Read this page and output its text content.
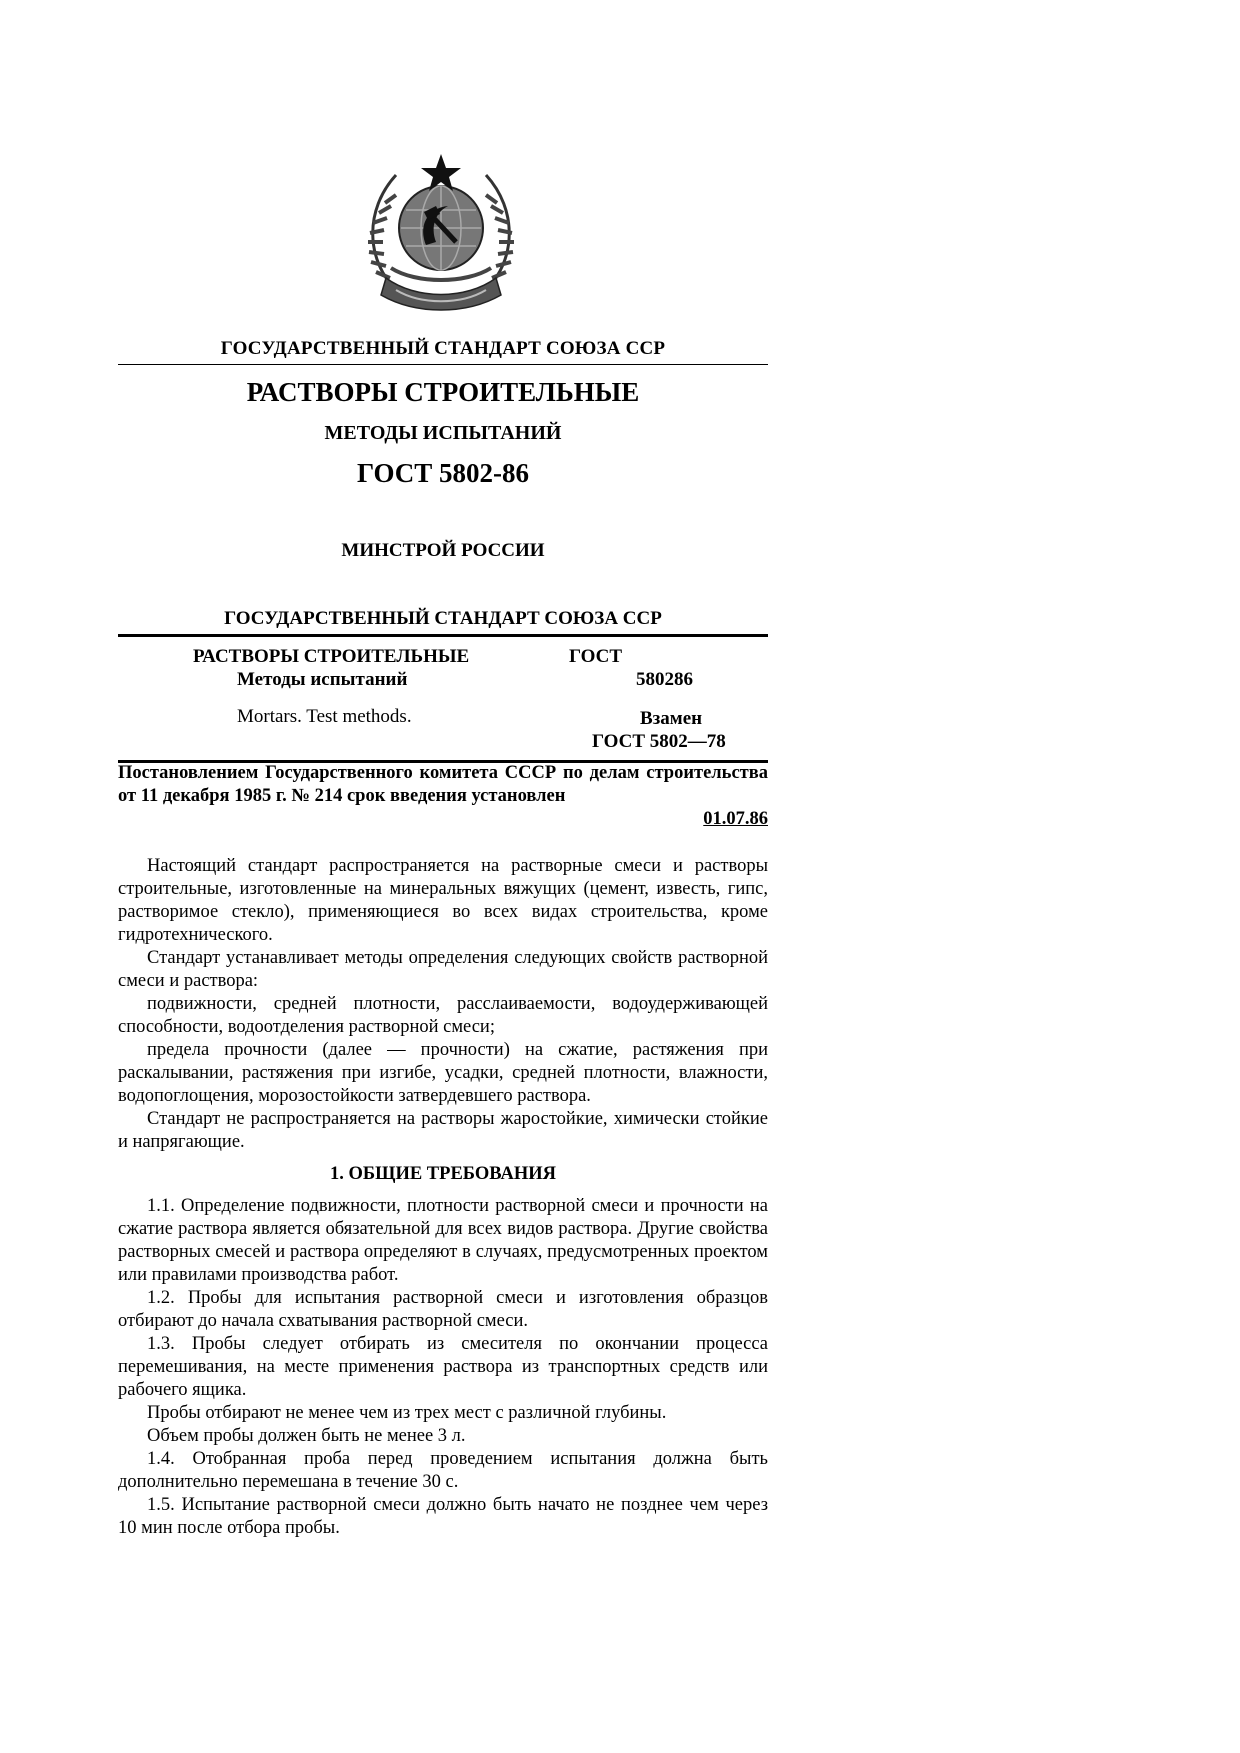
ГОСУДАРСТВЕННЫЙ СТАНДАРТ СОЮЗА ССР
РАСТВОРЫ СТРОИТЕЛЬНЫЕ
МЕТОДЫ ИСПЫТАНИЙ
ГОСТ 5802-86
МИНСТРОЙ РОССИИ
ГОСУДАРСТВЕННЫЙ СТАНДАРТ СОЮЗА ССР
РАСТВОРЫ СТРОИТЕЛЬНЫЕ
Методы испытаний
Mortars. Test methods.
ГОСТ
580286
Взамен
ГОСТ 5802—78
Постановлением Государственного комитета СССР по делам строительства от 11 декабря 1985 г. № 214 срок введения установлен
01.07.86

Настоящий стандарт распространяется на растворные смеси и растворы строительные, изготовленные на минеральных вяжущих (цемент, известь, гипс, растворимое стекло), применяющиеся во всех видах строительства, кроме гидротехнического.

Стандарт устанавливает методы определения следующих свойств растворной смеси и раствора:

подвижности, средней плотности, расслаиваемости, водоудерживающей способности, водоотделения растворной смеси;

предела прочности (далее — прочности) на сжатие, растяжения при раскалывании, растяжения при изгибе, усадки, средней плотности, влажности, водопоглощения, морозостойкости затвердевшего раствора.

Стандарт не распространяется на растворы жаростойкие, химически стойкие и напрягающие.

1. ОБЩИЕ ТРЕБОВАНИЯ

1.1. Определение подвижности, плотности растворной смеси и прочности на сжатие раствора является обязательной для всех видов раствора. Другие свойства растворных смесей и раствора определяют в случаях, предусмотренных проектом или правилами производства работ.

1.2. Пробы для испытания растворной смеси и изготовления образцов отбирают до начала схватывания растворной смеси.

1.3. Пробы следует отбирать из смесителя по окончании процесса перемешивания, на месте применения раствора из транспортных средств или рабочего ящика.

Пробы отбирают не менее чем из трех мест с различной глубины.

Объем пробы должен быть не менее 3 л.

1.4. Отобранная проба перед проведением испытания должна быть дополнительно перемешана в течение 30 с.

1.5. Испытание растворной смеси должно быть начато не позднее чем через 10 мин после отбора пробы.
